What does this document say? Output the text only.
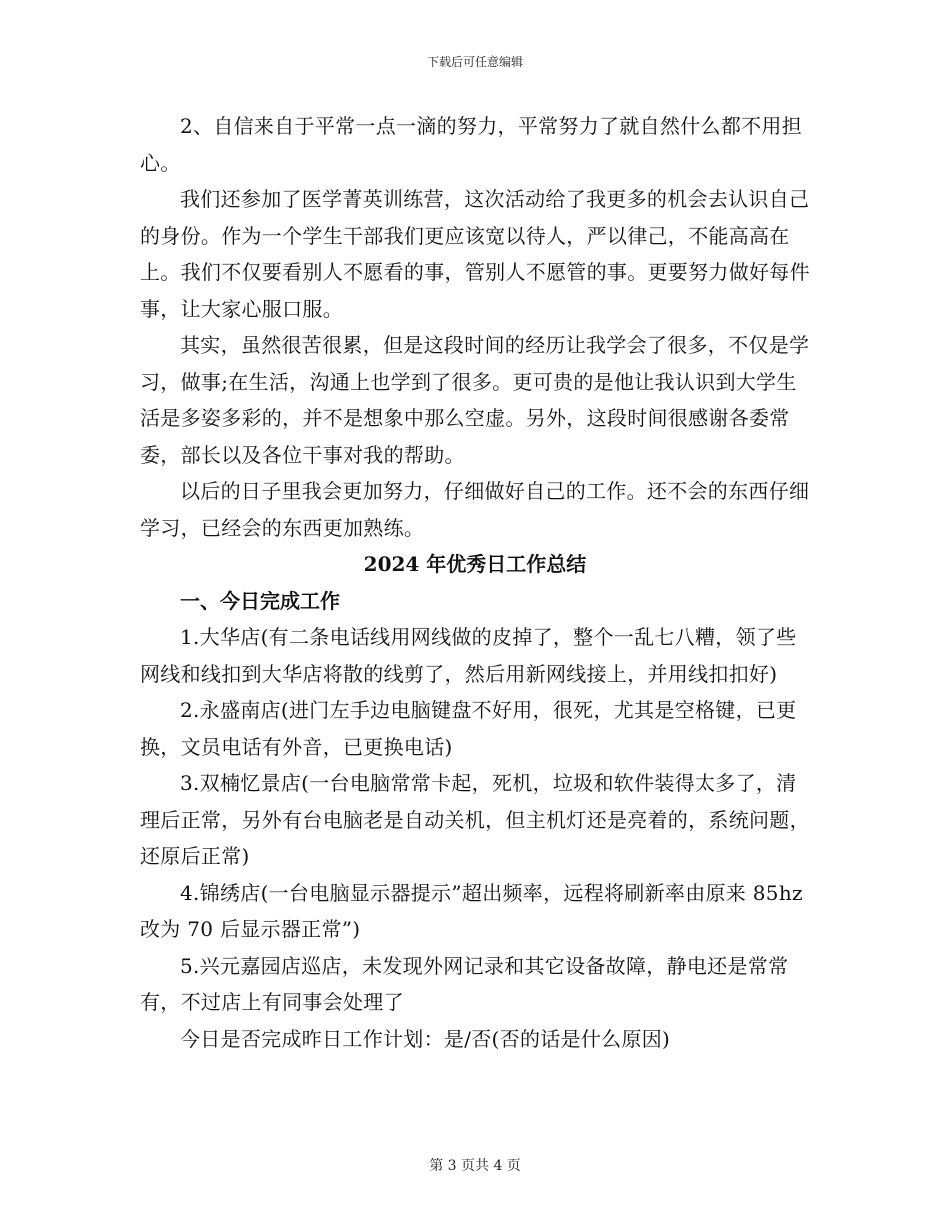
下载后可任意编辑

2、自信来自于平常一点一滴的努力，平常努力了就自然什么都不用担心。

我们还参加了医学菁英训练营，这次活动给了我更多的机会去认识自己的身份。作为一个学生干部我们更应该宽以待人，严以律己，不能高高在上。我们不仅要看别人不愿看的事，管别人不愿管的事。更要努力做好每件事，让大家心服口服。

其实，虽然很苦很累，但是这段时间的经历让我学会了很多，不仅是学习，做事;在生活，沟通上也学到了很多。更可贵的是他让我认识到大学生活是多姿多彩的，并不是想象中那么空虚。另外，这段时间很感谢各委常委，部长以及各位干事对我的帮助。

以后的日子里我会更加努力，仔细做好自己的工作。还不会的东西仔细学习，已经会的东西更加熟练。

2024 年优秀日工作总结

一、今日完成工作

1.大华店(有二条电话线用网线做的皮掉了，整个一乱七八糟，领了些网线和线扣到大华店将散的线剪了，然后用新网线接上，并用线扣扣好)

2.永盛南店(进门左手边电脑键盘不好用，很死，尤其是空格键，已更换，文员电话有外音，已更换电话)

3.双楠忆景店(一台电脑常常卡起，死机，垃圾和软件装得太多了，清理后正常，另外有台电脑老是自动关机，但主机灯还是亮着的，系统问题，还原后正常)

4.锦绣店(一台电脑显示器提示”超出频率，远程将刷新率由原来 85hz 改为 70 后显示器正常”)

5.兴元嘉园店巡店，未发现外网记录和其它设备故障，静电还是常常有，不过店上有同事会处理了

今日是否完成昨日工作计划：是/否(否的话是什么原因)

第 3 页共 4 页
